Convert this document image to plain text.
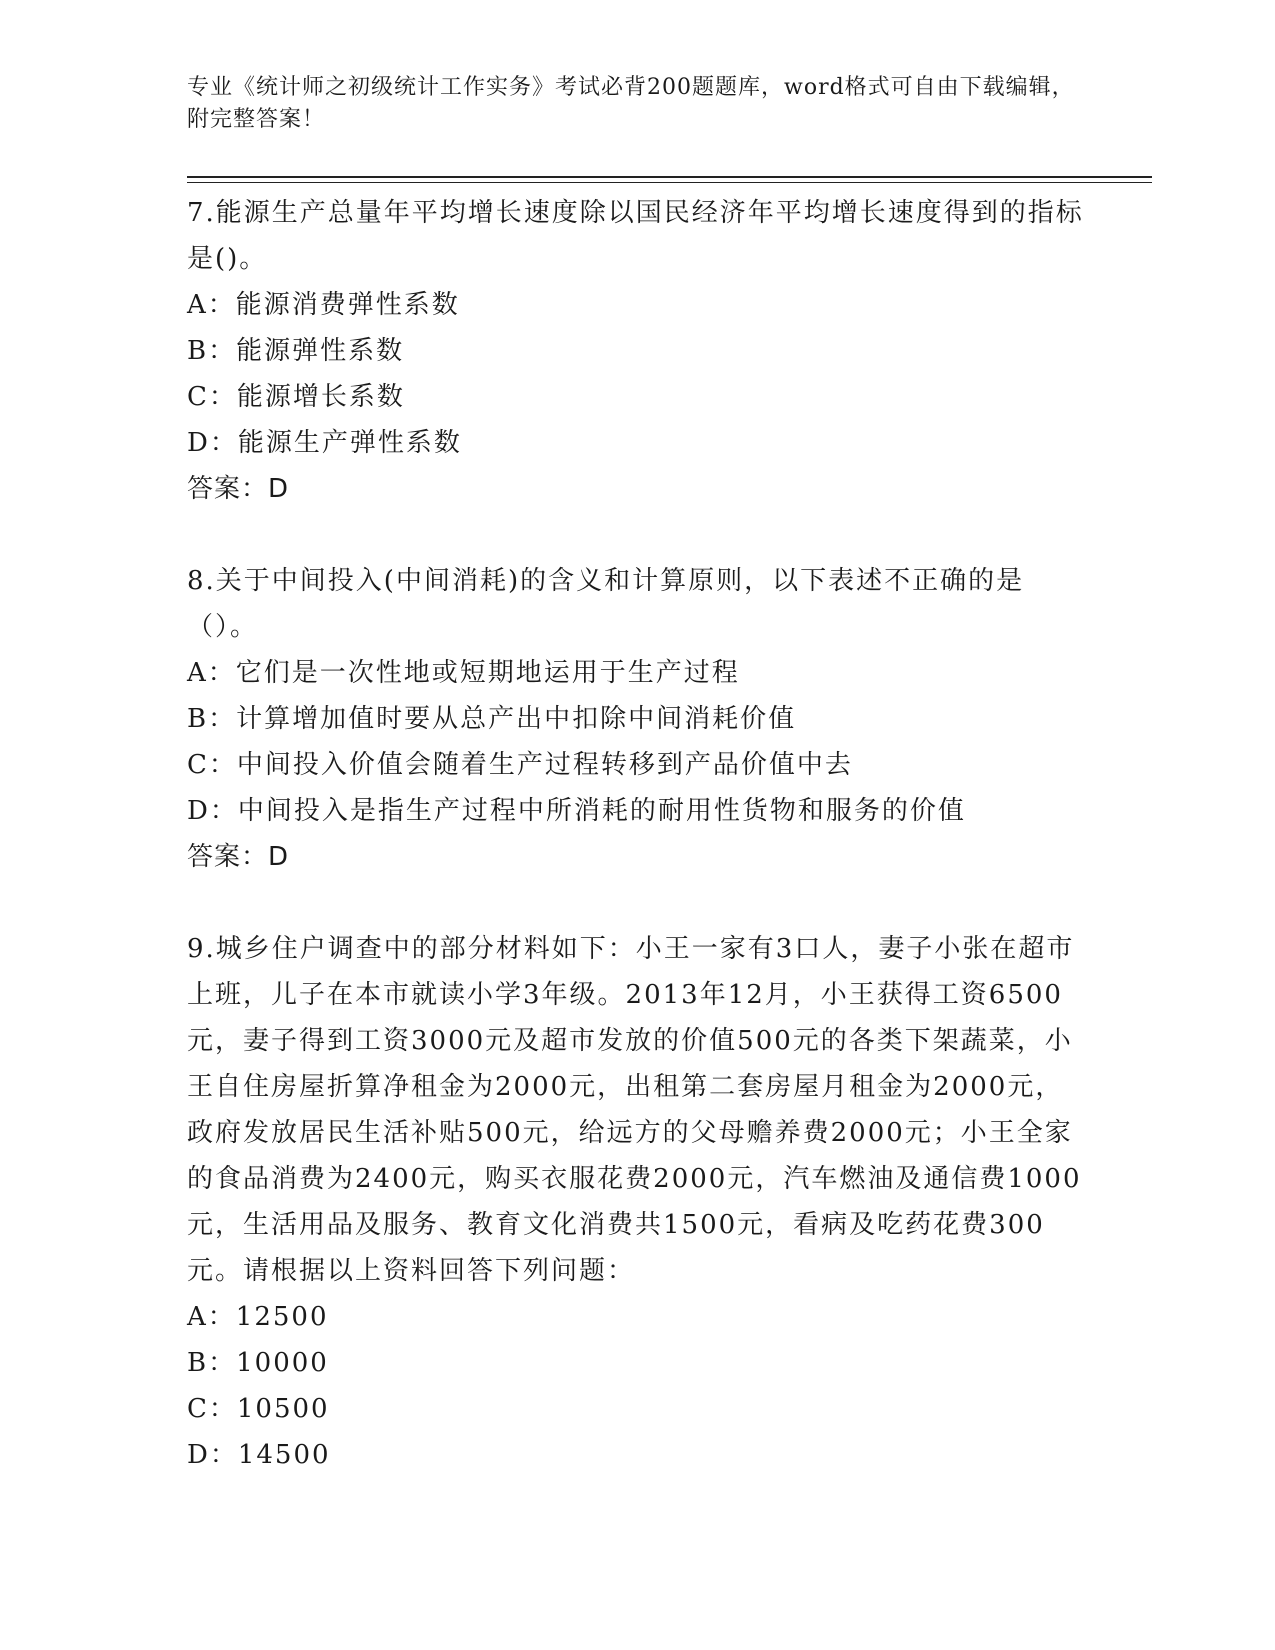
专业《统计师之初级统计工作实务》考试必背200题题库，word格式可自由下载编辑，附完整答案！
7.能源生产总量年平均增长速度除以国民经济年平均增长速度得到的指标是()。
A：能源消费弹性系数
B：能源弹性系数
C：能源增长系数
D：能源生产弹性系数
答案：D
8.关于中间投入(中间消耗)的含义和计算原则，以下表述不正确的是（）。
A：它们是一次性地或短期地运用于生产过程
B：计算增加值时要从总产出中扣除中间消耗价值
C：中间投入价值会随着生产过程转移到产品价值中去
D：中间投入是指生产过程中所消耗的耐用性货物和服务的价值
答案：D
9.城乡住户调查中的部分材料如下：小王一家有3口人，妻子小张在超市上班，儿子在本市就读小学3年级。2013年12月，小王获得工资6500元，妻子得到工资3000元及超市发放的价值500元的各类下架蔬菜，小王自住房屋折算净租金为2000元，出租第二套房屋月租金为2000元，政府发放居民生活补贴500元，给远方的父母赡养费2000元；小王全家的食品消费为2400元，购买衣服花费2000元，汽车燃油及通信费1000元，生活用品及服务、教育文化消费共1500元，看病及吃药花费300元。请根据以上资料回答下列问题：
A：12500
B：10000
C：10500
D：14500
